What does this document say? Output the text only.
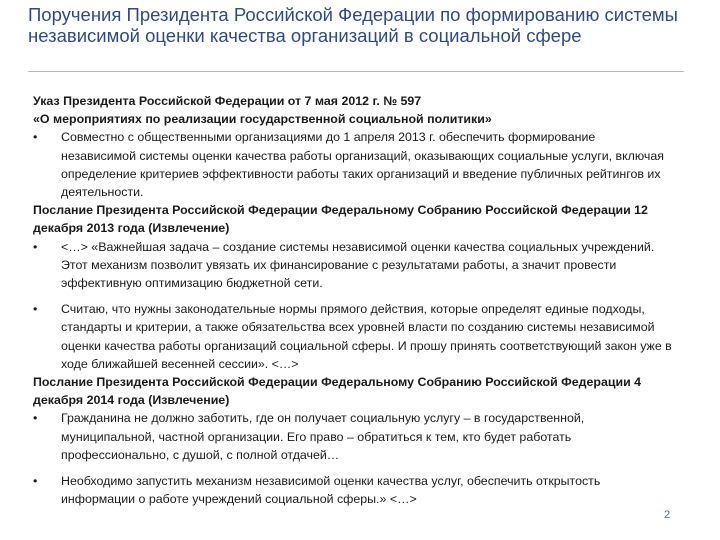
Поручения Президента Российской Федерации по формированию системы независимой оценки качества организаций в социальной сфере

Указ Президента Российской Федерации от 7 мая 2012 г. № 597

«О мероприятиях по реализации государственной социальной политики»

•	Совместно с общественными организациями до 1 апреля 2013 г. обеспечить формирование независимой системы оценки качества работы организаций, оказывающих социальные услуги, включая определение критериев эффективности работы таких организаций и введение публичных рейтингов их деятельности.

Послание Президента Российской Федерации Федеральному Собранию Российской Федерации 12 декабря 2013 года (Извлечение)

•	<…> «Важнейшая задача – создание системы независимой оценки качества социальных учреждений. Этот механизм позволит увязать их финансирование с результатами работы, а значит провести эффективную оптимизацию бюджетной сети.
•	Считаю, что нужны законодательные нормы прямого действия, которые определят единые подходы, стандарты и критерии, а также обязательства всех уровней власти по созданию системы независимой оценки качества работы организаций социальной сферы. И прошу принять соответствующий закон уже в ходе ближайшей весенней сессии». <…>

Послание Президента Российской Федерации Федеральному Собранию Российской Федерации 4 декабря 2014 года (Извлечение)

•	Гражданина не должно заботить, где он получает социальную услугу – в государственной, муниципальной, частной организации. Его право – обратиться к тем, кто будет работать профессионально, с душой, с полной отдачей…
•	Необходимо запустить механизм независимой оценки качества услуг, обеспечить открытость информации о работе учреждений социальной сферы.» <…>
2
